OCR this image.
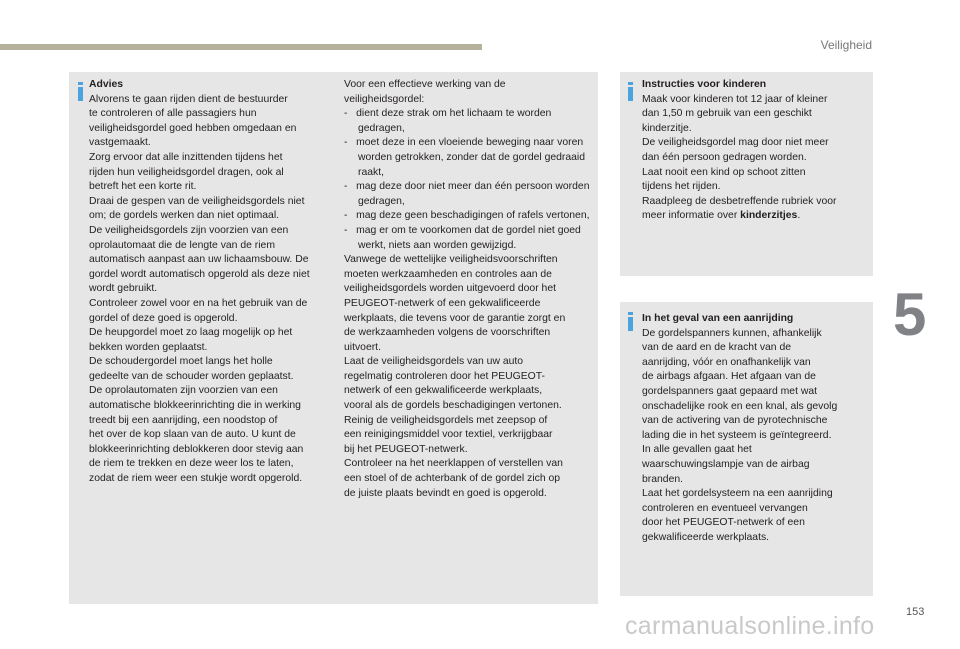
Veiligheid
5

Advies

Alvorens te gaan rijden dient de bestuurder

te controleren of alle passagiers hun

veiligheidsgordel goed hebben omgedaan en

vastgemaakt.

Zorg ervoor dat alle inzittenden tijdens het

rijden hun veiligheidsgordel dragen, ook al

betreft het een korte rit.

Draai de gespen van de veiligheidsgordels niet

om; de gordels werken dan niet optimaal.

De veiligheidsgordels zijn voorzien van een

oprolautomaat die de lengte van de riem

automatisch aanpast aan uw lichaamsbouw. De

gordel wordt automatisch opgerold als deze niet

wordt gebruikt.

Controleer zowel voor en na het gebruik van de

gordel of deze goed is opgerold.

De heupgordel moet zo laag mogelijk op het

bekken worden geplaatst.

De schoudergordel moet langs het holle

gedeelte van de schouder worden geplaatst.

De oprolautomaten zijn voorzien van een

automatische blokkeerinrichting die in werking

treedt bij een aanrijding, een noodstop of

het over de kop slaan van de auto. U kunt de

blokkeerinrichting deblokkeren door stevig aan

de riem te trekken en deze weer los te laten,

zodat de riem weer een stukje wordt opgerold.

Voor een effectieve werking van de

veiligheidsgordel:

-   dient deze strak om het lichaam te worden gedragen,

-   moet deze in een vloeiende beweging naar voren worden getrokken, zonder dat de gordel gedraaid raakt,

-   mag deze door niet meer dan één persoon worden gedragen,

-   mag deze geen beschadigingen of rafels vertonen,

-   mag er om te voorkomen dat de gordel niet goed werkt, niets aan worden gewijzigd.

Vanwege de wettelijke veiligheidsvoorschriften

moeten werkzaamheden en controles aan de

veiligheidsgordels worden uitgevoerd door het

PEUGEOT-netwerk of een gekwalificeerde

werkplaats, die tevens voor de garantie zorgt en

de werkzaamheden volgens de voorschriften

uitvoert.

Laat de veiligheidsgordels van uw auto

regelmatig controleren door het PEUGEOT-

netwerk of een gekwalificeerde werkplaats,

vooral als de gordels beschadigingen vertonen.

Reinig de veiligheidsgordels met zeepsop of

een reinigingsmiddel voor textiel, verkrijgbaar

bij het PEUGEOT-netwerk.

Controleer na het neerklappen of verstellen van

een stoel of de achterbank of de gordel zich op

de juiste plaats bevindt en goed is opgerold.

Instructies voor kinderen

Maak voor kinderen tot 12 jaar of kleiner

dan 1,50 m gebruik van een geschikt

kinderzitje.

De veiligheidsgordel mag door niet meer

dan één persoon gedragen worden.

Laat nooit een kind op schoot zitten

tijdens het rijden.

Raadpleeg de desbetreffende rubriek voor

meer informatie over kinderzitjes.

In het geval van een aanrijding

De gordelspanners kunnen, afhankelijk

van de aard en de kracht van de

aanrijding, vóór en onafhankelijk van

de airbags afgaan. Het afgaan van de

gordelspanners gaat gepaard met wat

onschadelijke rook en een knal, als gevolg

van de activering van de pyrotechnische

lading die in het systeem is geïntegreerd.

In alle gevallen gaat het

waarschuwingslampje van de airbag

branden.

Laat het gordelsysteem na een aanrijding

controleren en eventueel vervangen

door het PEUGEOT-netwerk of een

gekwalificeerde werkplaats.

153
carmanualsonline.info
